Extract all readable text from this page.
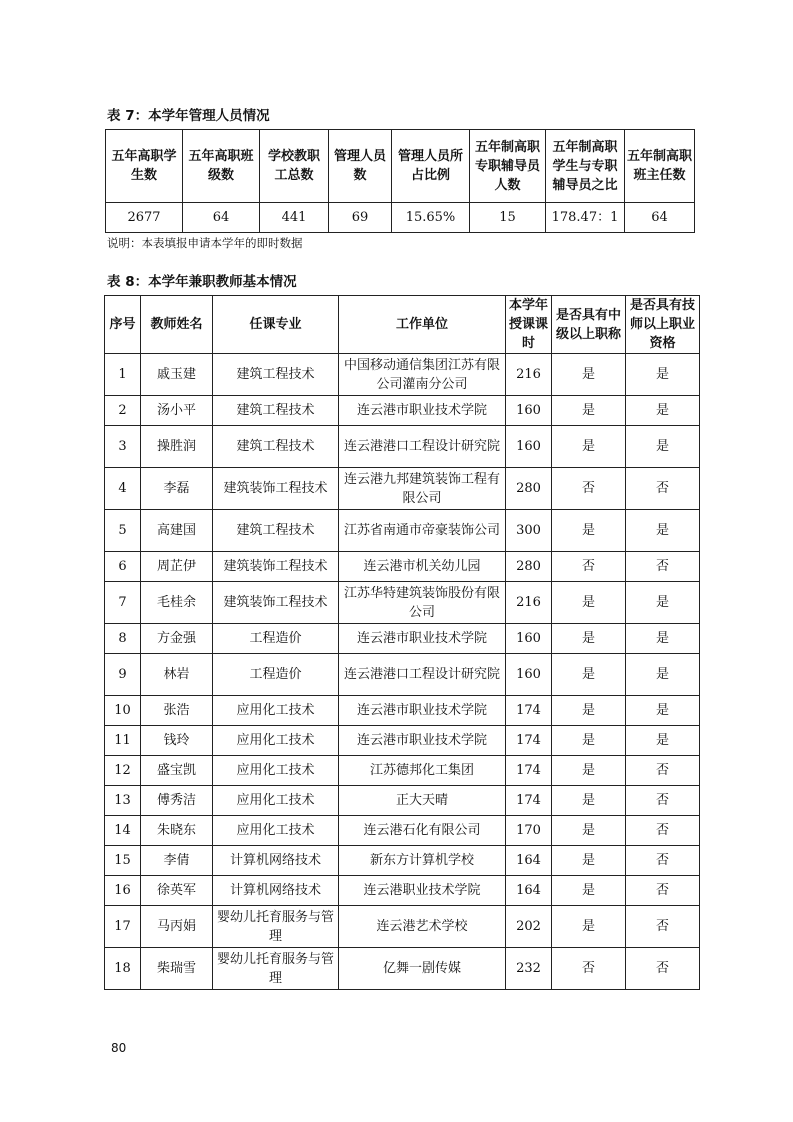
表 7：本学年管理人员情况
五年高职学生数	五年高职班级数	学校教职工总数	管理人员数	管理人员所占比例	五年制高职专职辅导员人数	五年制高职学生与专职辅导员之比	五年制高职班主任数
2677	64	441	69	15.65%	15	178.47：1	64
说明：本表填报申请本学年的即时数据
表 8：本学年兼职教师基本情况
序号	教师姓名	任课专业	工作单位	本学年授课课时	是否具有中级以上职称	是否具有技师以上职业资格
1	戚玉建	建筑工程技术	中国移动通信集团江苏有限公司灌南分公司	216	是	是
2	汤小平	建筑工程技术	连云港市职业技术学院	160	是	是
3	操胜润	建筑工程技术	连云港港口工程设计研究院	160	是	是
4	李磊	建筑装饰工程技术	连云港九邦建筑装饰工程有限公司	280	否	否
5	高建国	建筑工程技术	江苏省南通市帝豪装饰公司	300	是	是
6	周芷伊	建筑装饰工程技术	连云港市机关幼儿园	280	否	否
7	毛桂余	建筑装饰工程技术	江苏华特建筑装饰股份有限公司	216	是	是
8	方金强	工程造价	连云港市职业技术学院	160	是	是
9	林岩	工程造价	连云港港口工程设计研究院	160	是	是
10	张浩	应用化工技术	连云港市职业技术学院	174	是	是
11	钱玲	应用化工技术	连云港市职业技术学院	174	是	是
12	盛宝凯	应用化工技术	江苏德邦化工集团	174	是	否
13	傅秀洁	应用化工技术	正大天晴	174	是	否
14	朱晓东	应用化工技术	连云港石化有限公司	170	是	否
15	李倩	计算机网络技术	新东方计算机学校	164	是	否
16	徐英军	计算机网络技术	连云港职业技术学院	164	是	否
17	马丙娟	婴幼儿托育服务与管理	连云港艺术学校	202	是	否
18	柴瑞雪	婴幼儿托育服务与管理	亿舞一剧传媒	232	否	否
80
